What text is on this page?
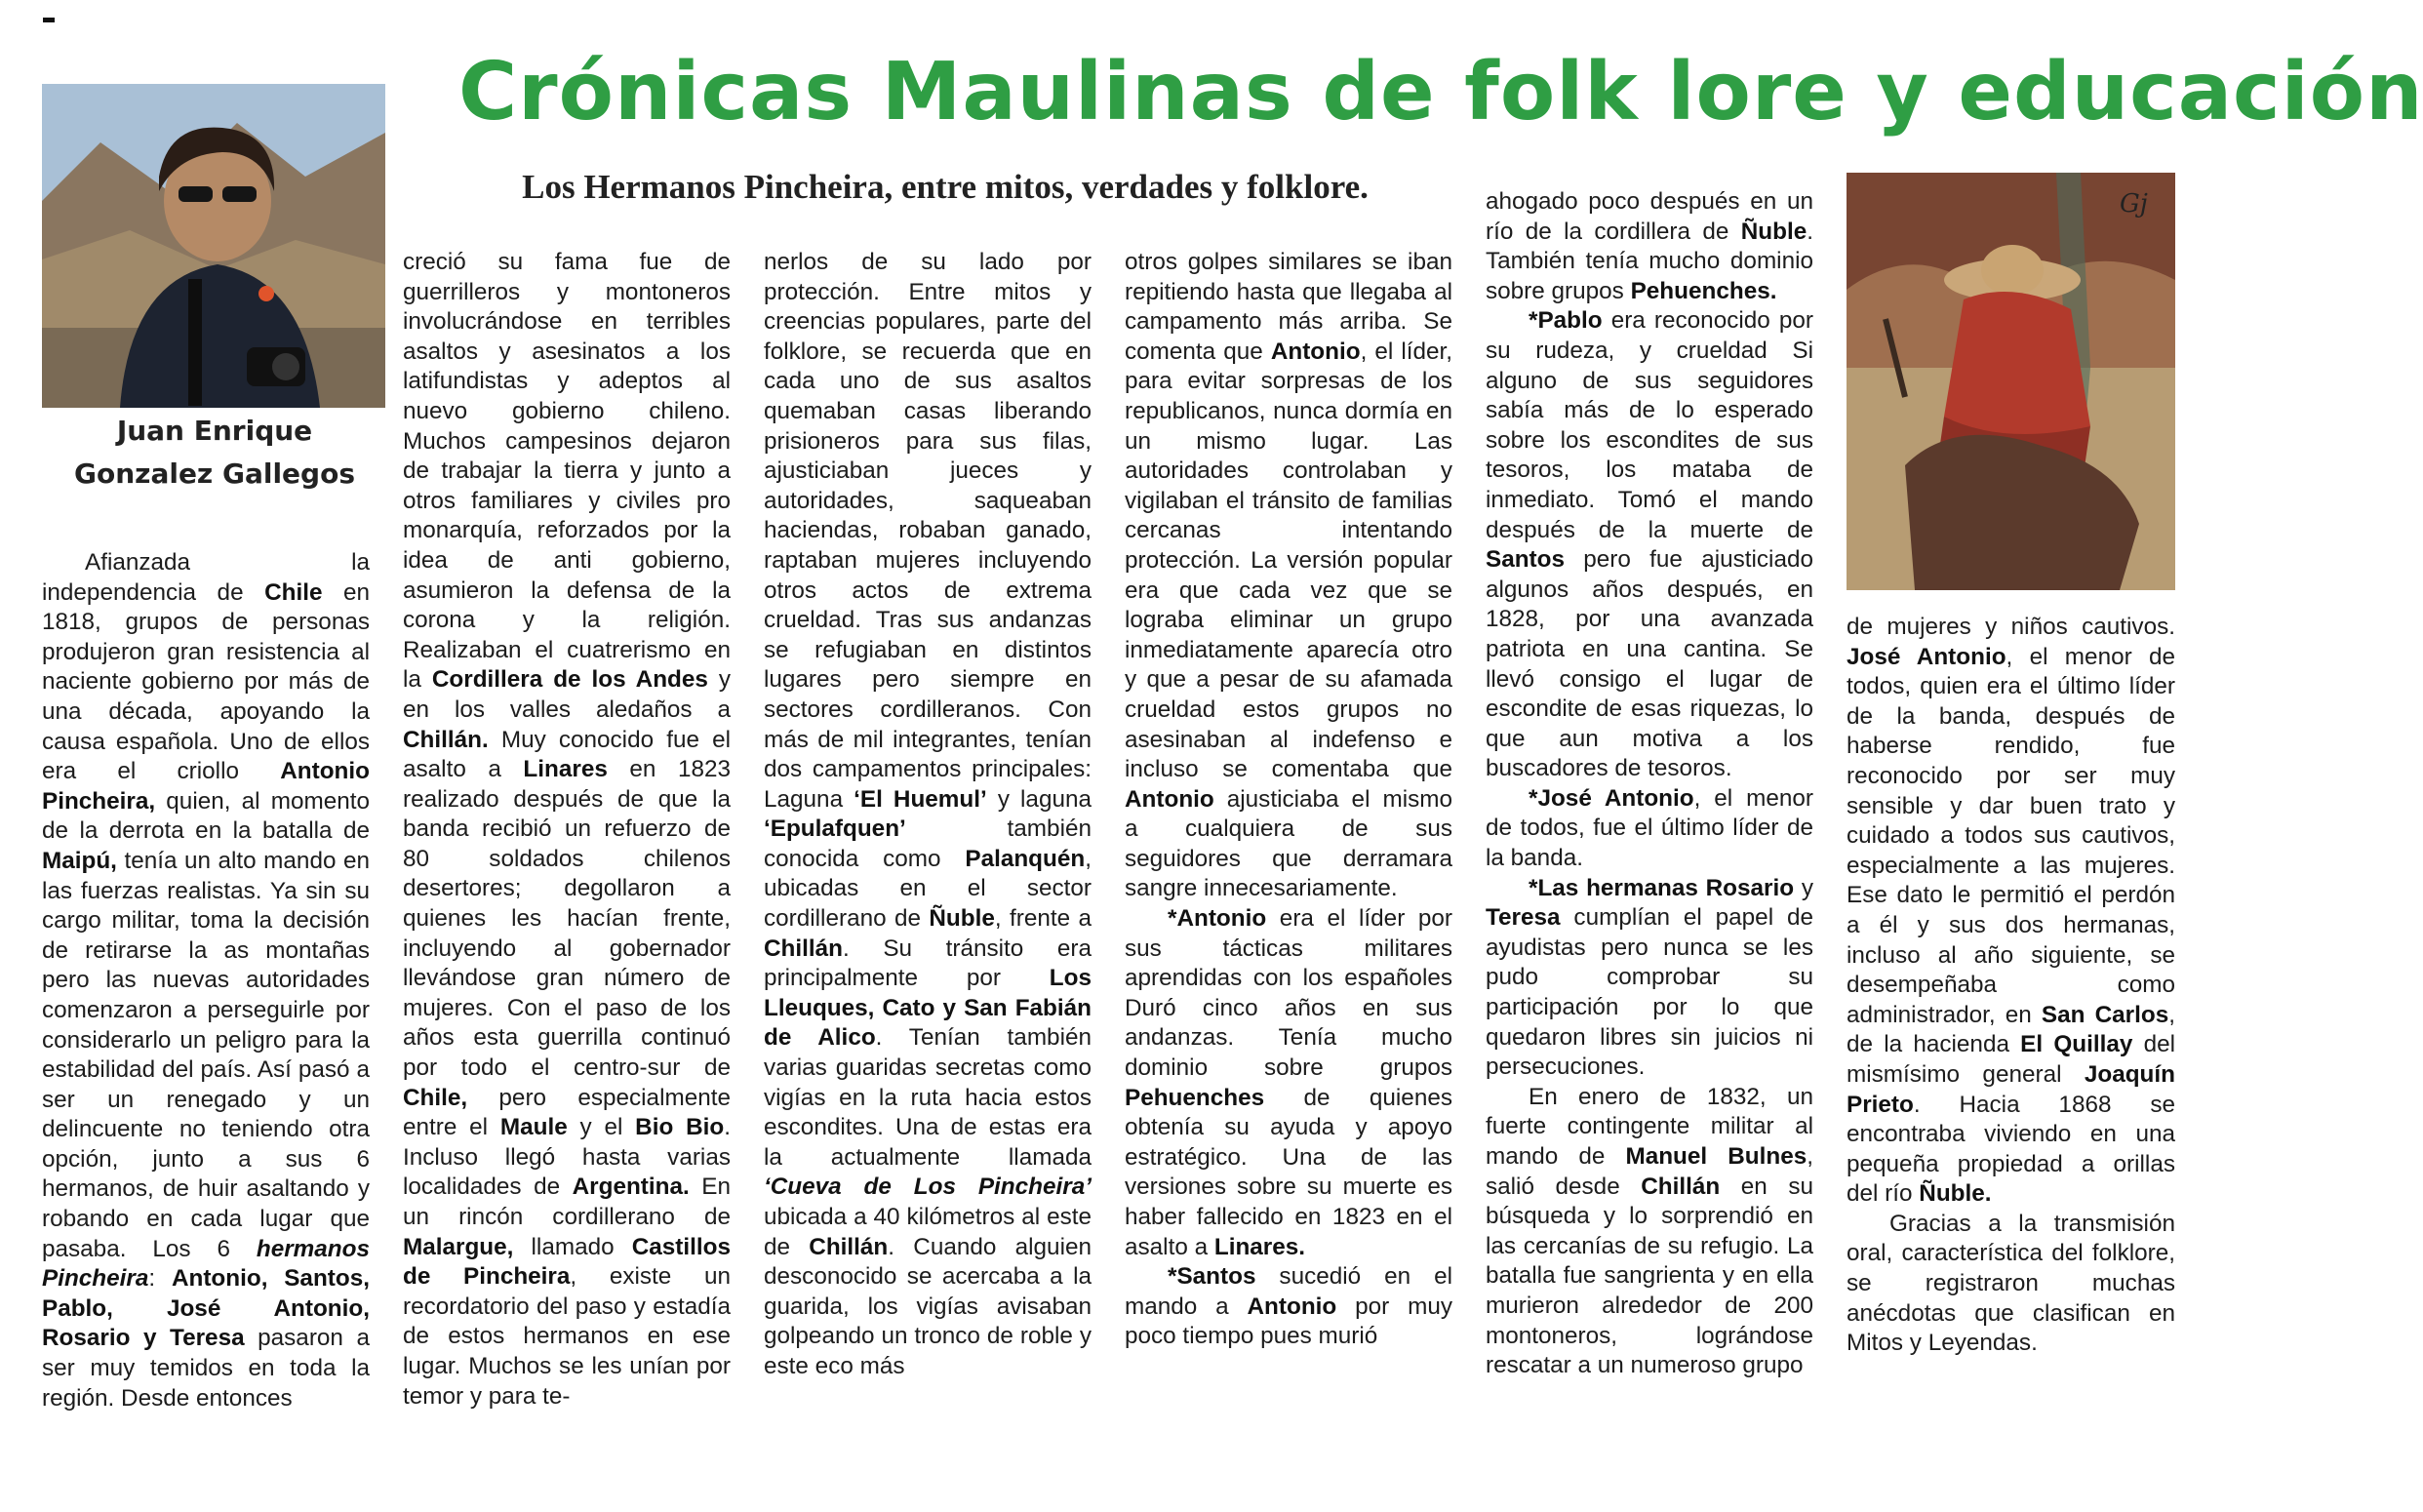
Crónicas Maulinas de folk lore y educación
Los Hermanos Pincheira, entre mitos, verdades y folklore.	Gj
Juan Enrique
Gonzalez Gallegos

Afianzada la independencia de Chile en 1818, grupos de personas produjeron gran resistencia al naciente gobierno por más de una década, apoyando la causa española. Uno de ellos era el criollo Antonio Pincheira, quien, al momento de la derrota en la batalla de Maipú, tenía un alto mando en las fuerzas realistas. Ya sin su cargo militar, toma la decisión de retirarse la as montañas pero las nuevas autoridades comenzaron a perseguirle por considerarlo un peligro para la estabilidad del país. Así pasó a ser un renegado y un delincuente no teniendo otra opción, junto a sus 6 hermanos, de huir asaltando y robando en cada lugar que pasaba. Los 6 hermanos Pincheira: Antonio, Santos, Pablo, José Antonio, Rosario y Teresa pasaron a ser muy temidos en toda la región. Desde entonces

creció su fama fue de guerrilleros y montoneros involucrándose en terribles asaltos y asesinatos a los latifundistas y adeptos al nuevo gobierno chileno. Muchos campesinos dejaron de trabajar la tierra y junto a otros familiares y civiles pro monarquía, reforzados por la idea de anti gobierno, asumieron la defensa de la corona y la religión. Realizaban el cuatrerismo en la Cordillera de los Andes y en los valles aledaños a Chillán. Muy conocido fue el asalto a Linares en 1823 realizado después de que la banda recibió un refuerzo de 80 soldados chilenos desertores; degollaron a quienes les hacían frente, incluyendo al gobernador llevándose gran número de mujeres. Con el paso de los años esta guerrilla continuó por todo el centro-sur de Chile, pero especialmente entre el Maule y el Bio Bio. Incluso llegó hasta varias localidades de Argentina. En un rincón cordillerano de Malargue, llamado Castillos de Pincheira, existe un recordatorio del paso y estadía de estos hermanos en ese lugar. Muchos se les unían por temor y para te-

nerlos de su lado por protección. Entre mitos y creencias populares, parte del folklore, se recuerda que en cada uno de sus asaltos quemaban casas liberando prisioneros para sus filas, ajusticiaban jueces y autoridades, saqueaban haciendas, robaban ganado, raptaban mujeres incluyendo otros actos de extrema crueldad. Tras sus andanzas se refugiaban en distintos lugares pero siempre en sectores cordilleranos. Con más de mil integrantes, tenían dos campamentos principales: Laguna ‘El Huemul’ y laguna ‘Epulafquen’ también conocida como Palanquén, ubicadas en el sector cordillerano de Ñuble, frente a Chillán. Su tránsito era principalmente por Los Lleuques, Cato y San Fabián de Alico. Tenían también varias guaridas secretas como vigías en la ruta hacia estos escondites. Una de estas era la actualmente llamada ‘Cueva de Los Pincheira’ ubicada a 40 kilómetros al este de Chillán. Cuando alguien desconocido se acercaba a la guarida, los vigías avisaban golpeando un tronco de roble y este eco más

otros golpes similares se iban repitiendo hasta que llegaba al campamento más arriba. Se comenta que Antonio, el líder, para evitar sorpresas de los republicanos, nunca dormía en un mismo lugar. Las autoridades controlaban y vigilaban el tránsito de familias cercanas intentando protección. La versión popular era que cada vez que se lograba eliminar un grupo inmediatamente aparecía otro y que a pesar de su afamada crueldad estos grupos no asesinaban al indefenso e incluso se comentaba que Antonio ajusticiaba el mismo a cualquiera de sus seguidores que derramara sangre innecesariamente.

*Antonio era el líder por sus tácticas militares aprendidas con los españoles Duró cinco años en sus andanzas. Tenía mucho dominio sobre grupos Pehuenches de quienes obtenía su ayuda y apoyo estratégico. Una de las versiones sobre su muerte es haber fallecido en 1823 en el asalto a Linares.

*Santos sucedió en el mando a Antonio por muy poco tiempo pues murió

ahogado poco después en un río de la cordillera de Ñuble. También tenía mucho dominio sobre grupos Pehuenches.

*Pablo era reconocido por su rudeza, y crueldad Si alguno de sus seguidores sabía más de lo esperado sobre los escondites de sus tesoros, los mataba de inmediato. Tomó el mando después de la muerte de Santos pero fue ajusticiado algunos años después, en 1828, por una avanzada patriota en una cantina. Se llevó consigo el lugar de escondite de esas riquezas, lo que aun motiva a los buscadores de tesoros.

*José Antonio, el menor de todos, fue el último líder de la banda.

*Las hermanas Rosario y Teresa cumplían el papel de ayudistas pero nunca se les pudo comprobar su participación por lo que quedaron libres sin juicios ni persecuciones.

En enero de 1832, un fuerte contingente militar al mando de Manuel Bulnes, salió desde Chillán en su búsqueda y lo sorprendió en las cercanías de su refugio. La batalla fue sangrienta y en ella murieron alrededor de 200 montoneros, lográndose rescatar a un numeroso grupo

de mujeres y niños cautivos. José Antonio, el menor de todos, quien era el último líder de la banda, después de haberse rendido, fue reconocido por ser muy sensible y dar buen trato y cuidado a todos sus cautivos, especialmente a las mujeres. Ese dato le permitió el perdón a él y sus dos hermanas, incluso al año siguiente, se desempeñaba como administrador, en San Carlos, de la hacienda El Quillay del mismísimo general Joaquín Prieto. Hacia 1868 se encontraba viviendo en una pequeña propiedad a orillas del río Ñuble.

Gracias a la transmisión oral, característica del folklore, se registraron muchas anécdotas que clasifican en Mitos y Leyendas.
